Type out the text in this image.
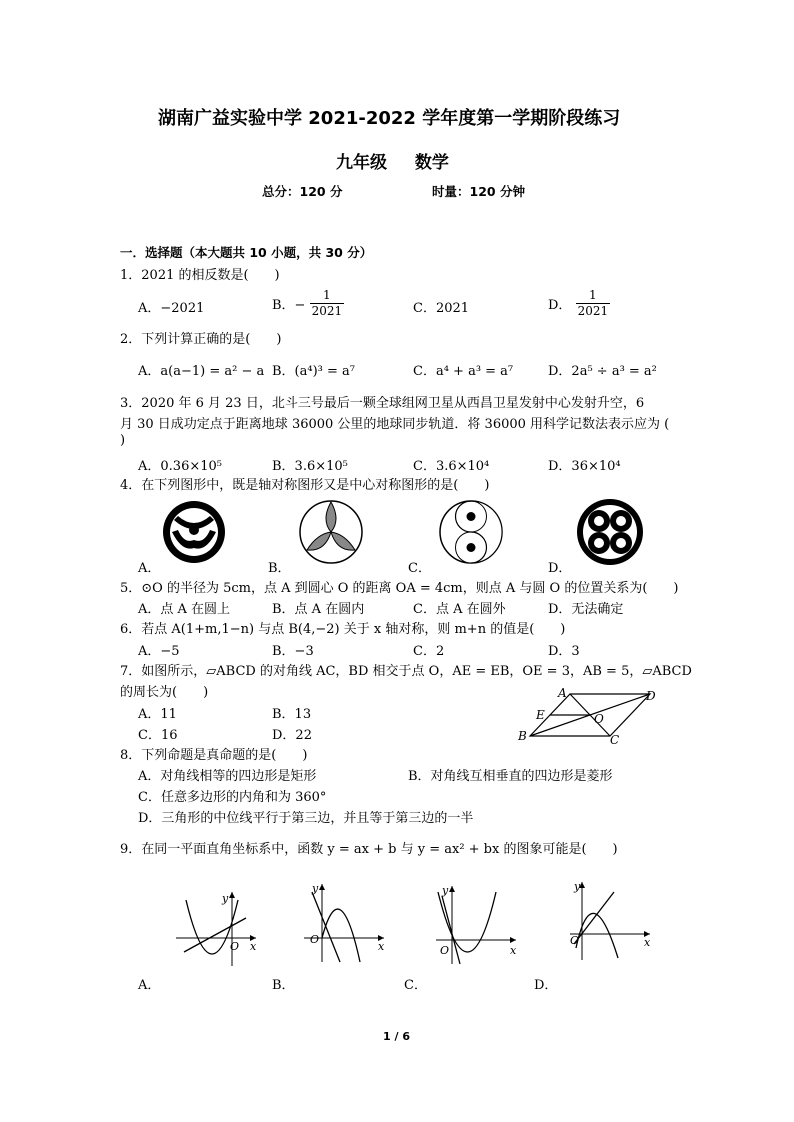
湖南广益实验中学 2021-2022 学年度第一学期阶段练习
九年级 数学
总分：120 分	时量：120 分钟
一．选择题（本大题共 10 小题，共 30 分）
1．2021 的相反数是(　　)
A．−2021	B．− $\frac{1}{2021}$	C．2021	D． $\frac{1}{2021}$
2．下列计算正确的是(　　)
A．a(a−1) = a² − a B．(a⁴)³ = a⁷	C．a⁴ + a³ = a⁷	D．2a⁵ ÷ a³ = a²
3．2020 年 6 月 23 日，北斗三号最后一颗全球组网卫星从西昌卫星发射中心发射升空，6
月 30 日成功定点于距离地球 36000 公里的地球同步轨道．将 36000 用科学记数法表示应为 (
)
A．0.36×10⁵	B．3.6×10⁵	C．3.6×10⁴	D．36×10⁴
4．在下列图形中，既是轴对称图形又是中心对称图形的是(　　)
A．	B．	C．	D．
5．⊙O 的半径为 5cm，点 A 到圆心 O 的距离 OA = 4cm，则点 A 与圆 O 的位置关系为(　　)
A．点 A 在圆上	B．点 A 在圆内	C．点 A 在圆外	D．无法确定
6．若点 A(1+m,1−n) 与点 B(4,−2) 关于 x 轴对称，则 m+n 的值是(　　)
A．−5	B．−3	C．2	D．3
7．如图所示，▱ABCD 的对角线 AC，BD 相交于点 O，AE = EB，OE = 3，AB = 5，▱ABCD
的周长为(　　)
A．11	B．13
C．16	D．22
A	D
E	O
B	C
8．下列命题是真命题的是(　　)
A．对角线相等的四边形是矩形	B．对角线互相垂直的四边形是菱形
C．任意多边形的内角和为 360°
D．三角形的中位线平行于第三边，并且等于第三边的一半
9．在同一平面直角坐标系中，函数 y = ax + b 与 y = ax² + bx 的图象可能是(　　)
y
x
O
A．
y
x
O
B．
y
x
O
C．
y
x
O
D．
1 / 6
